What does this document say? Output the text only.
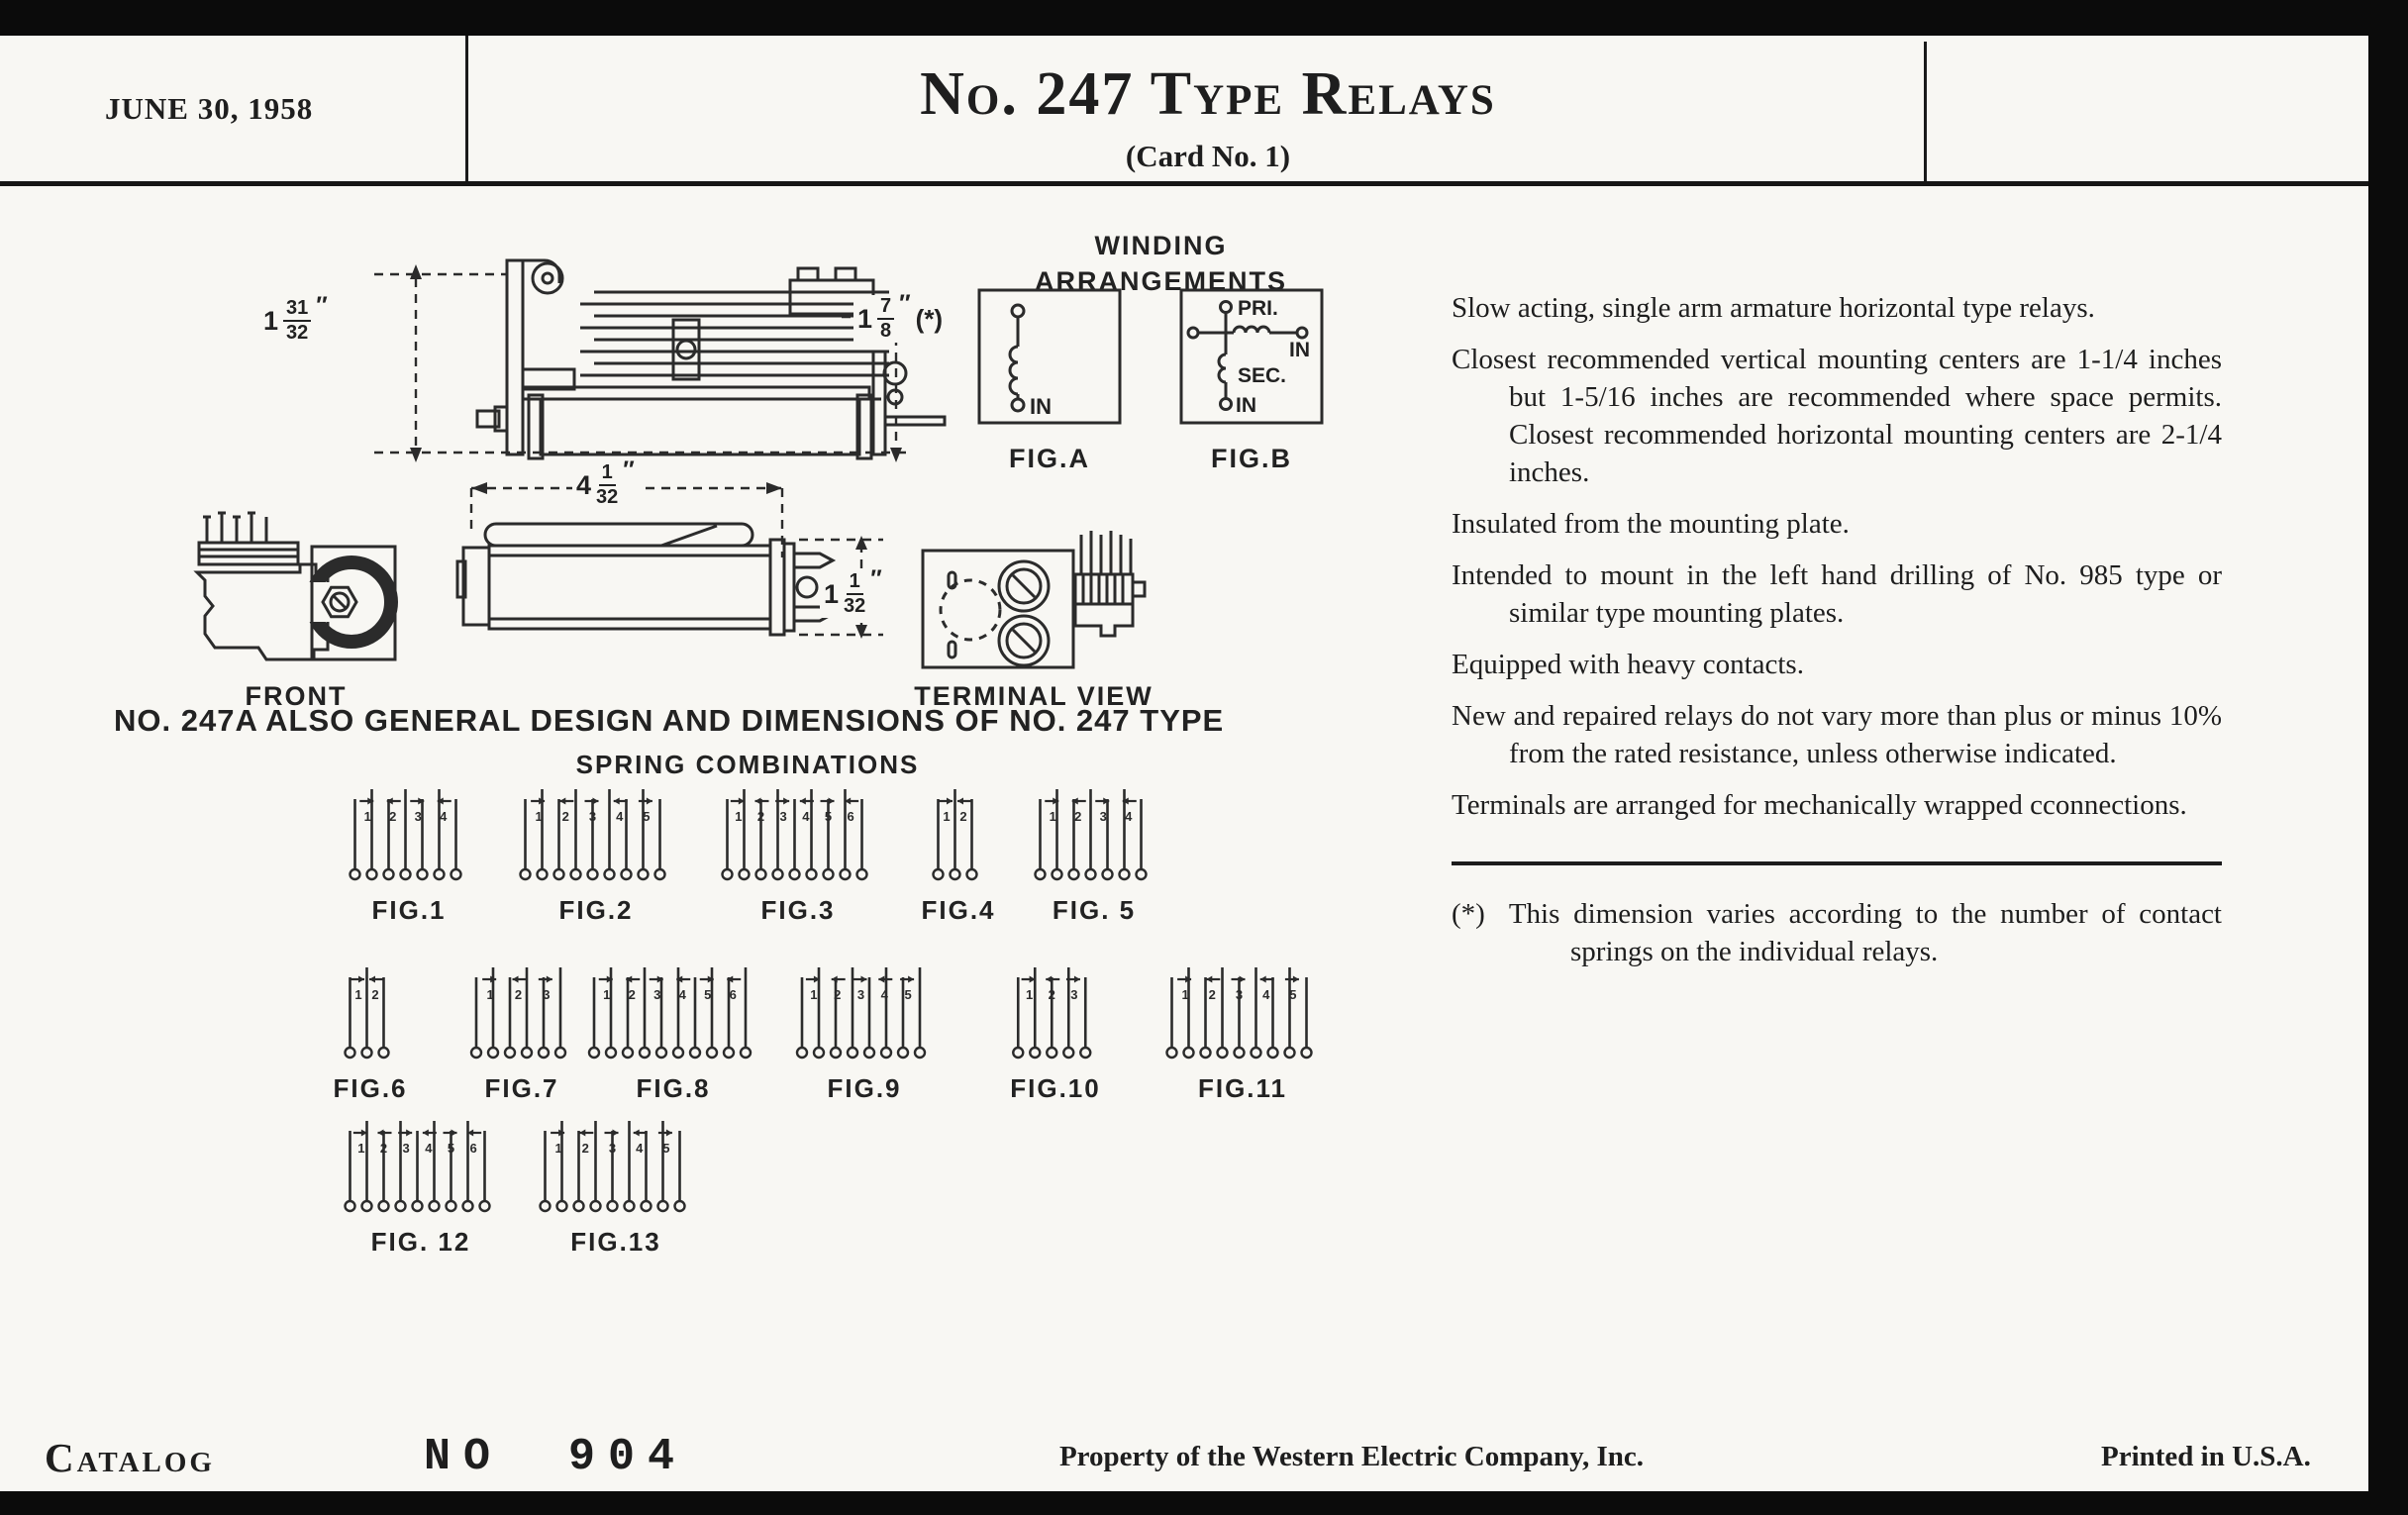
JUNE 30, 1958	No. 247 Type Relays
(Card No. 1)
$1 \frac{31}{32}$ ″	$1 \frac{7}{8}$ ″ (*)
WINDING
ARRANGEMENTS
IN
FIG.A
PRI.
IN
SEC.
IN
FIG.B
FRONT
$4 \frac{1}{32}$ ″
$1 \frac{1}{32}$ ″
TERMINAL VIEW
NO. 247A ALSO GENERAL DESIGN AND DIMENSIONS OF NO. 247 TYPE
SPRING COMBINATIONS
1 2 3 4
FIG.1
1 2 3 4 5
FIG.2
1 2 3 4 5 6
FIG.3
1 2
FIG.4
1 2 3 4
FIG. 5
1 2
FIG.6
1 2 3
FIG.7
1 2 3 4 5 6
FIG.8
1 2 3 4 5
FIG.9
1 2 3
FIG.10
1 2 3 4 5
FIG.11
1 2 3 4 5 6
FIG. 12
1 2 3 4 5
FIG.13

Slow acting, single arm armature horizontal type relays.

Closest recommended vertical mounting centers are 1-1/4 inches but 1-5/16 inches are recommended where space permits. Closest recommended horizontal mounting centers are 2-1/4 inches.

Insulated from the mounting plate.

Intended to mount in the left hand drilling of No. 985 type or similar type mounting plates.

Equipped with heavy contacts.

New and repaired relays do not vary more than plus or minus 10% from the rated resistance, unless otherwise indicated.

Terminals are arranged for mechanically wrapped cconnections.

(*) This dimension varies according to the number of contact springs on the individual relays.

Catalog	NO 904	Property of the Western Electric Company, Inc.	Printed in U.S.A.
